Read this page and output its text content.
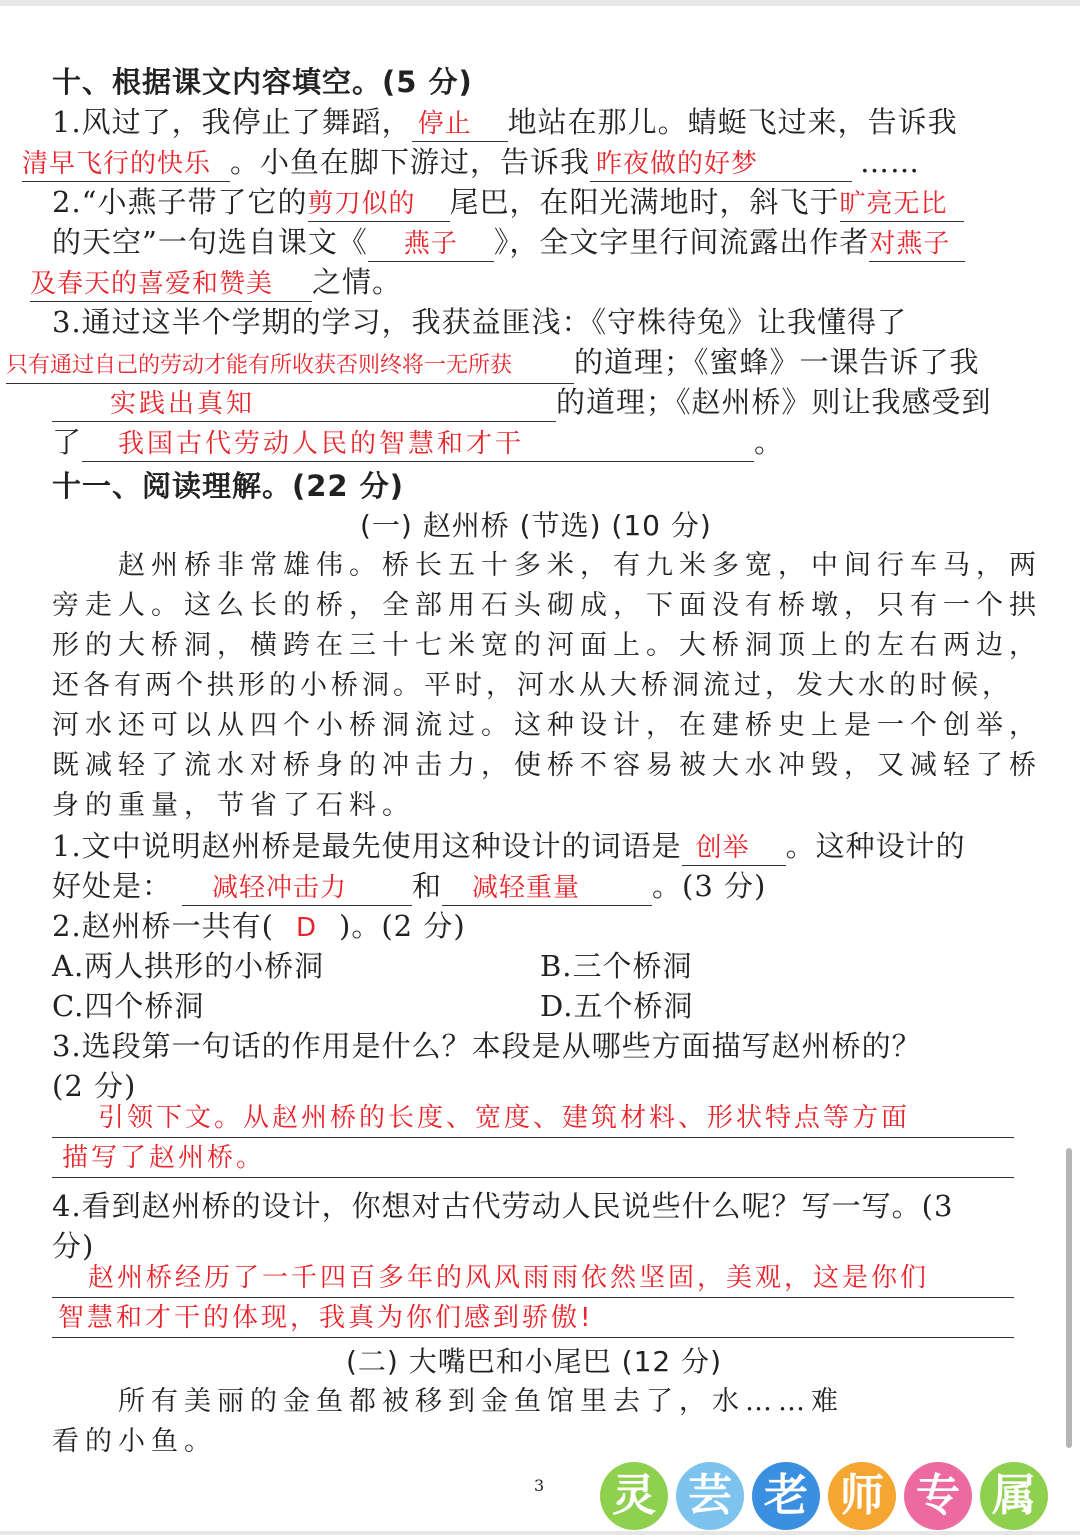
十、根据课文内容填空。(5 分)
1.风过了，我停止了舞蹈， 停止 地站在那儿。蜻蜓飞过来，告诉我
清早飞行的快乐 。小鱼在脚下游过，告诉我 昨夜做的好梦	……
2.“小燕子带了它的剪刀似的 尾巴，在阳光满地时，斜飞于旷亮无比
的天空”一句选自课文《 燕子 》，全文字里行间流露出作者对燕子
及春天的喜爱和赞美 之情。
3.通过这半个学期的学习，我获益匪浅：《守株待兔》让我懂得了
只有通过自己的劳动才能有所收获否则终将一无所获 的道理；《蜜蜂》一课告诉了我
实践出真知	的道理；《赵州桥》则让我感受到
了 我国古代劳动人民的智慧和才干	。
十一、阅读理解。(22 分)
(一) 赵州桥 (节选) (10 分)
赵州桥非常雄伟。桥长五十多米，有九米多宽，中间行车马，两
旁走人。这么长的桥，全部用石头砌成，下面没有桥墩，只有一个拱
形的大桥洞，横跨在三十七米宽的河面上。大桥洞顶上的左右两边，
还各有两个拱形的小桥洞。平时，河水从大桥洞流过，发大水的时候，
河水还可以从四个小桥洞流过。这种设计，在建桥史上是一个创举，
既减轻了流水对桥身的冲击力，使桥不容易被大水冲毁，又减轻了桥
身的重量，节省了石料。
1.文中说明赵州桥是最先使用这种设计的词语是 创举 。这种设计的
好处是： 减轻冲击力 和 减轻重量 。(3 分)
2.赵州桥一共有( D )。(2 分)
A.两人拱形的小桥洞	B.三个桥洞
C.四个桥洞	D.五个桥洞
3.选段第一句话的作用是什么？本段是从哪些方面描写赵州桥的？
(2 分)
引领下文。从赵州桥的长度、宽度、建筑材料、形状特点等方面
描写了赵州桥。
4.看到赵州桥的设计，你想对古代劳动人民说些什么呢？写一写。(3
分)
赵州桥经历了一千四百多年的风风雨雨依然坚固，美观，这是你们
智慧和才干的体现，我真为你们感到骄傲!
(二) 大嘴巴和小尾巴 (12 分)
所有美丽的金鱼都被移到金鱼馆里去了，水……难
看的小鱼。
灵 芸 老 师 专 属
3
